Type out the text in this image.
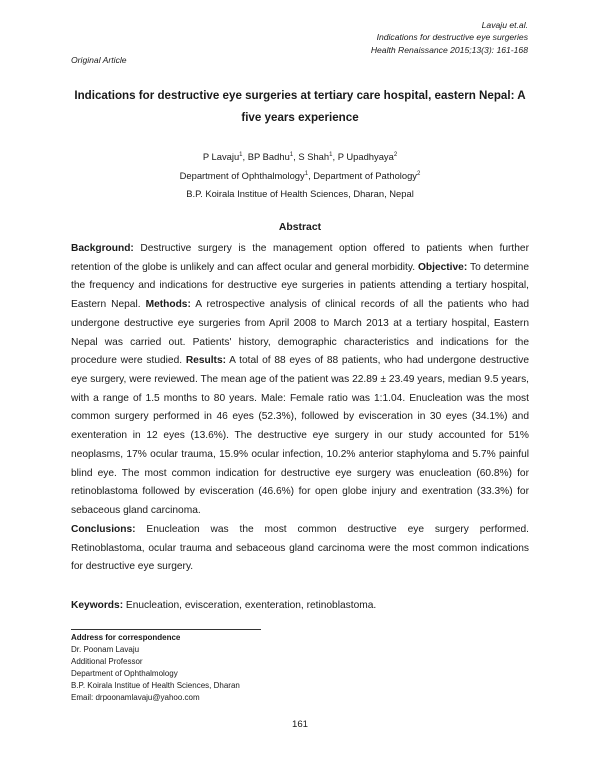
Lavaju et.al.
Indications for destructive eye surgeries
Health Renaissance 2015;13(3): 161-168
Original Article
Indications for destructive eye surgeries at tertiary care hospital, eastern Nepal: A
five years experience
P Lavaju$^1$, BP Badhu$^1$, S Shah$^1$, P Upadhyaya$^2$
Department of Ophthalmology$^1$, Department of Pathology$^2$
B.P. Koirala Institue of Health Sciences, Dharan, Nepal
Abstract

Background: Destructive surgery is the management option offered to patients when further retention of the globe is unlikely and can affect ocular and general morbidity. Objective: To determine the frequency and indications for destructive eye surgeries in patients attending a tertiary hospital, Eastern Nepal. Methods: A retrospective analysis of clinical records of all the patients who had undergone destructive eye surgeries from April 2008 to March 2013 at a tertiary hospital, Eastern Nepal was carried out. Patients' history, demographic characteristics and indications for the procedure were studied. Results: A total of 88 eyes of 88 patients, who had undergone destructive eye surgery, were reviewed. The mean age of the patient was 22.89 ± 23.49 years, median 9.5 years, with a range of 1.5 months to 80 years. Male: Female ratio was 1:1.04. Enucleation was the most common surgery performed in 46 eyes (52.3%), followed by evisceration in 30 eyes (34.1%) and exenteration in 12 eyes (13.6%). The destructive eye surgery in our study accounted for 51% neoplasms, 17% ocular trauma, 15.9% ocular infection, 10.2% anterior staphyloma and 5.7% painful blind eye. The most common indication for destructive eye surgery was enucleation (60.8%) for retinoblastoma followed by evisceration (46.6%) for open globe injury and exentration (33.3%) for sebaceous gland carcinoma.

Conclusions: Enucleation was the most common destructive eye surgery performed. Retinoblastoma, ocular trauma and sebaceous gland carcinoma were the most common indications for destructive eye surgery.

Keywords: Enucleation, evisceration, exenteration, retinoblastoma.
Address for correspondence
Dr. Poonam Lavaju
Additional Professor
Department of Ophthalmology
B.P. Koirala Institue of Health Sciences, Dharan
Email: drpoonamlavaju@yahoo.com
161
